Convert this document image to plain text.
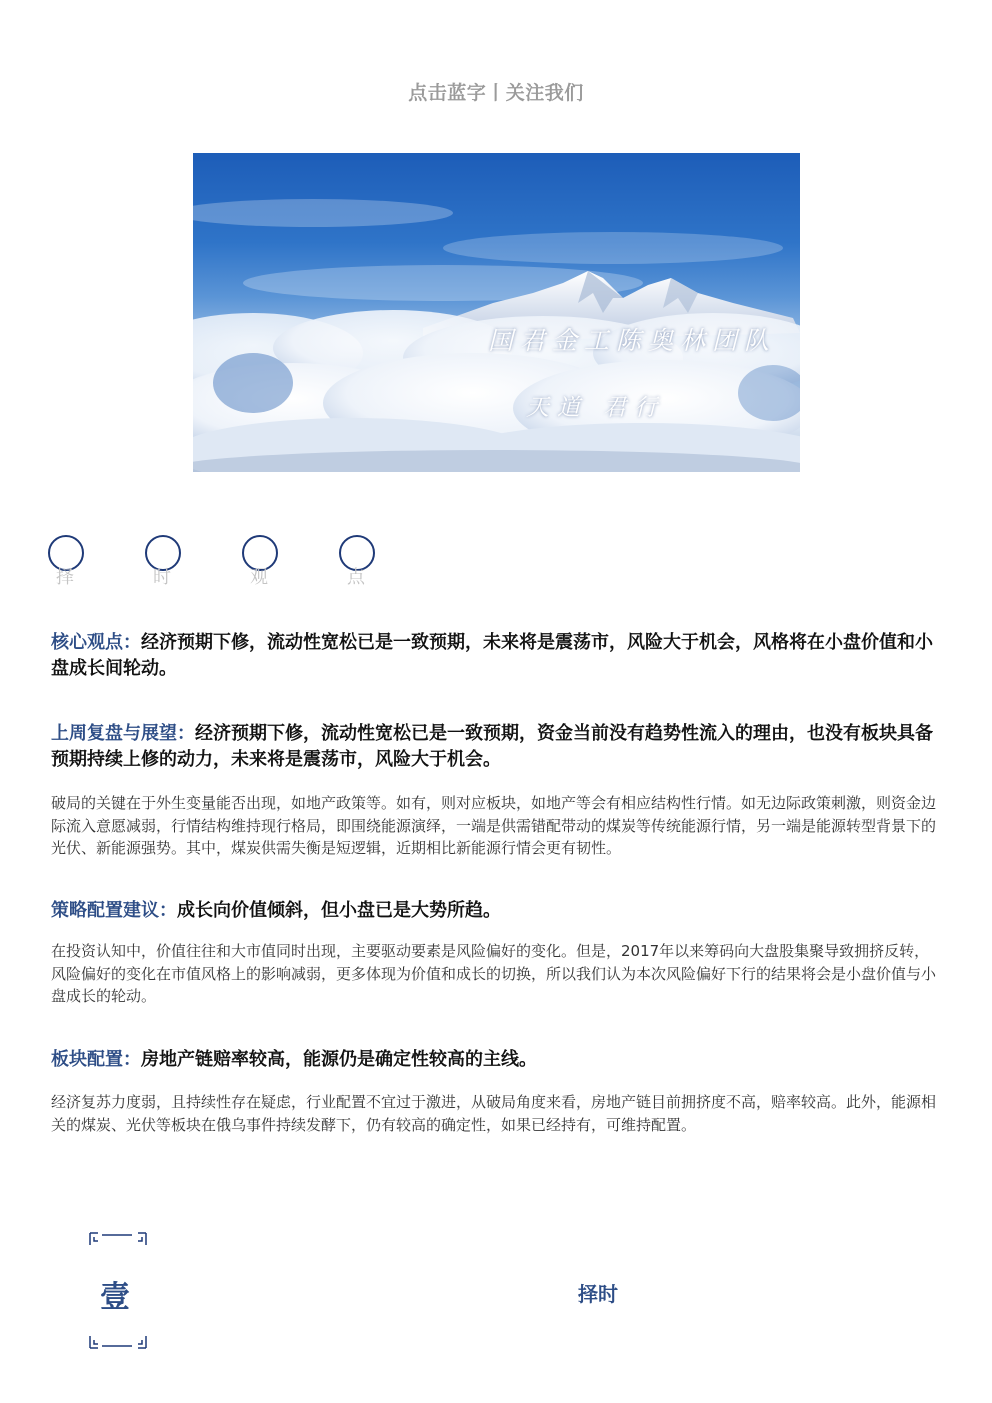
点击蓝字丨关注我们
国君金工陈奥林团队
天道 君行
择	时	观	点
核心观点：经济预期下修，流动性宽松已是一致预期，未来将是震荡市，风险大于机会，风格将在小盘价值和小盘成长间轮动。
上周复盘与展望：经济预期下修，流动性宽松已是一致预期，资金当前没有趋势性流入的理由，也没有板块具备预期持续上修的动力，未来将是震荡市，风险大于机会。
破局的关键在于外生变量能否出现，如地产政策等。如有，则对应板块，如地产等会有相应结构性行情。如无边际政策刺激，则资金边际流入意愿减弱，行情结构维持现行格局，即围绕能源演绎，一端是供需错配带动的煤炭等传统能源行情，另一端是能源转型背景下的光伏、新能源强势。其中，煤炭供需失衡是短逻辑，近期相比新能源行情会更有韧性。
策略配置建议：成长向价值倾斜，但小盘已是大势所趋。
在投资认知中，价值往往和大市值同时出现，主要驱动要素是风险偏好的变化。但是，2017年以来筹码向大盘股集聚导致拥挤反转，风险偏好的变化在市值风格上的影响减弱，更多体现为价值和成长的切换，所以我们认为本次风险偏好下行的结果将会是小盘价值与小盘成长的轮动。
板块配置：房地产链赔率较高，能源仍是确定性较高的主线。
经济复苏力度弱，且持续性存在疑虑，行业配置不宜过于激进，从破局角度来看，房地产链目前拥挤度不高，赔率较高。此外，能源相关的煤炭、光伏等板块在俄乌事件持续发酵下，仍有较高的确定性，如果已经持有，可维持配置。
壹	择时
